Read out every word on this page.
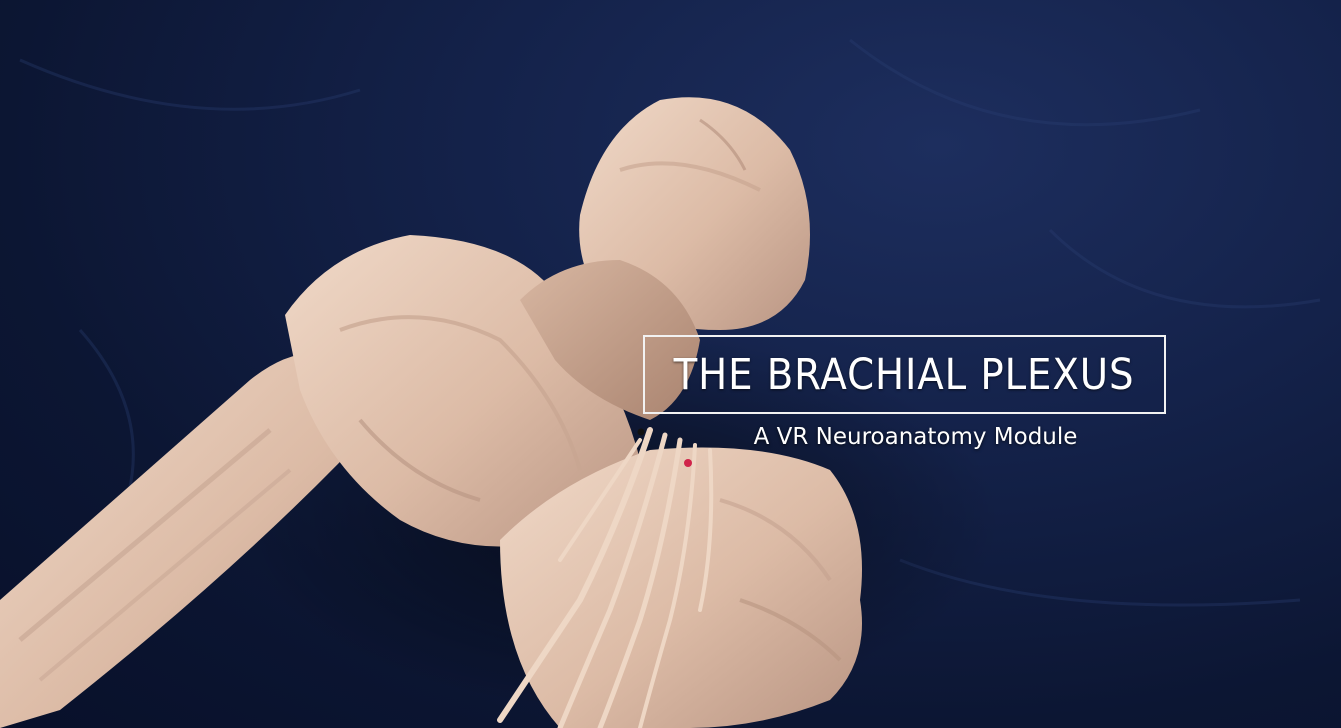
THE BRACHIAL PLEXUS
A VR Neuroanatomy Module
